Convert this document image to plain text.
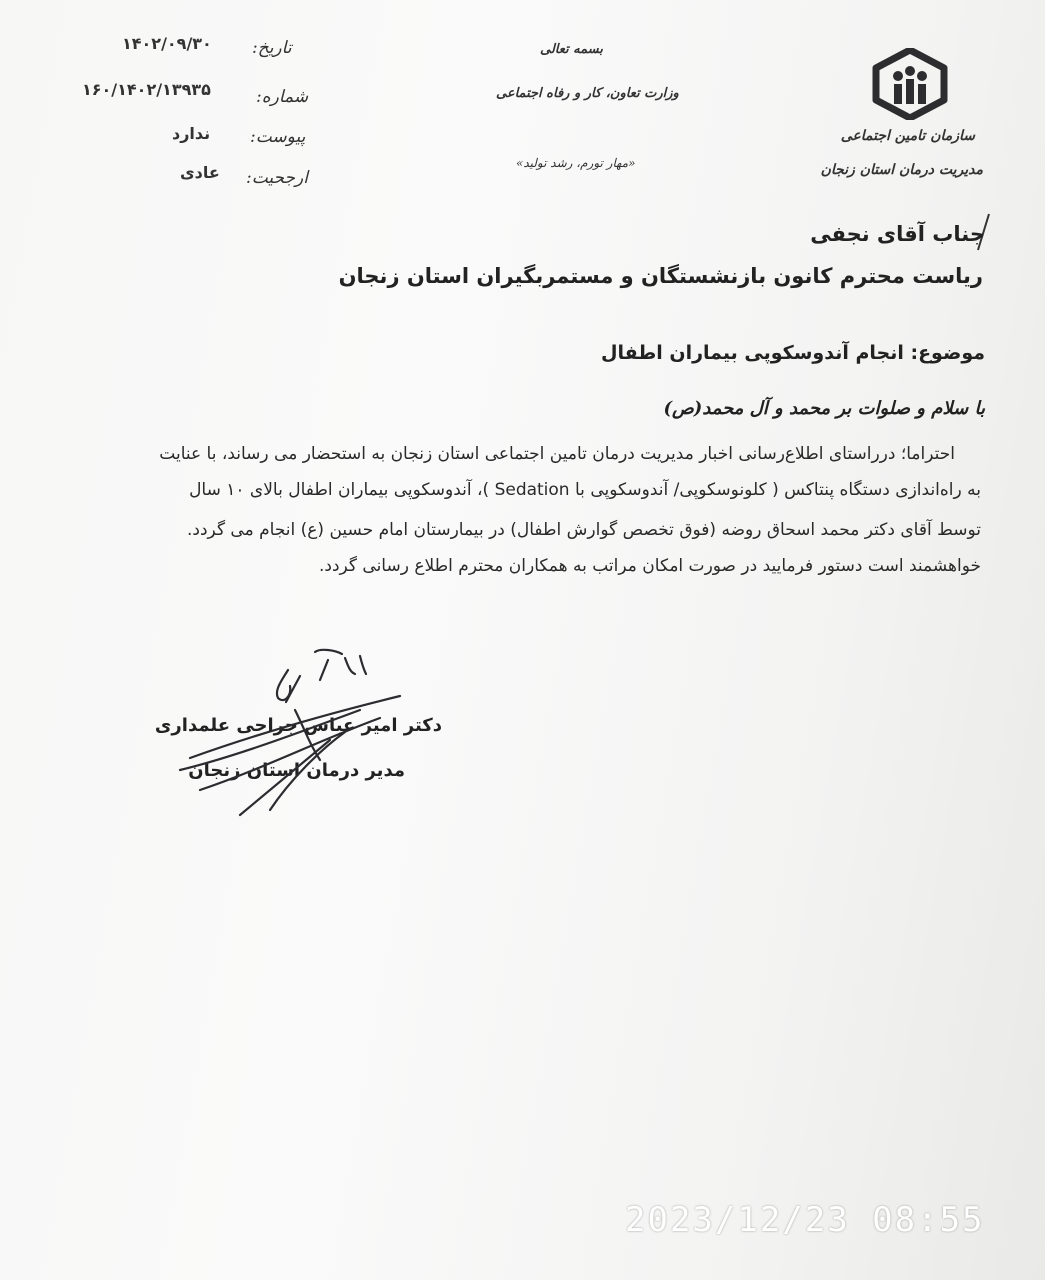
سازمان تامین اجتماعی
مدیریت درمان استان زنجان
بسمه تعالی
وزارت تعاون، کار و رفاه اجتماعی
«مهار تورم، رشد تولید»
تاریخ:
۱۴۰۲/۰۹/۳۰
شماره:
۱۶۰/۱۴۰۲/۱۳۹۳۵
پیوست:
ندارد
ارجحیت:
عادی
جناب آقای نجفی
ریاست محترم کانون بازنشستگان و مستمربگیران استان زنجان
موضوع: انجام آندوسکوپی بیماران اطفال
با سلام و صلوات بر محمد و آل محمد(ص)
احتراما؛ درراستای اطلاع‌رسانی اخبار مدیریت درمان تامین اجتماعی استان زنجان به استحضار می رساند، با عنایت
به راه‌اندازی دستگاه پنتاکس ( کلونوسکوپی/ آندوسکوپی با Sedation )، آندوسکوپی بیماران اطفال بالای ۱۰ سال
توسط آقای دکتر محمد اسحاق روضه (فوق تخصص گوارش اطفال) در بیمارستان امام حسین (ع) انجام می گردد.
خواهشمند است دستور فرمایید در صورت امکان مراتب به همکاران محترم اطلاع رسانی گردد.
دکتر امیر عباس جراحی علمداری
مدیر درمان استان زنجان
2023/12/23 08:55
